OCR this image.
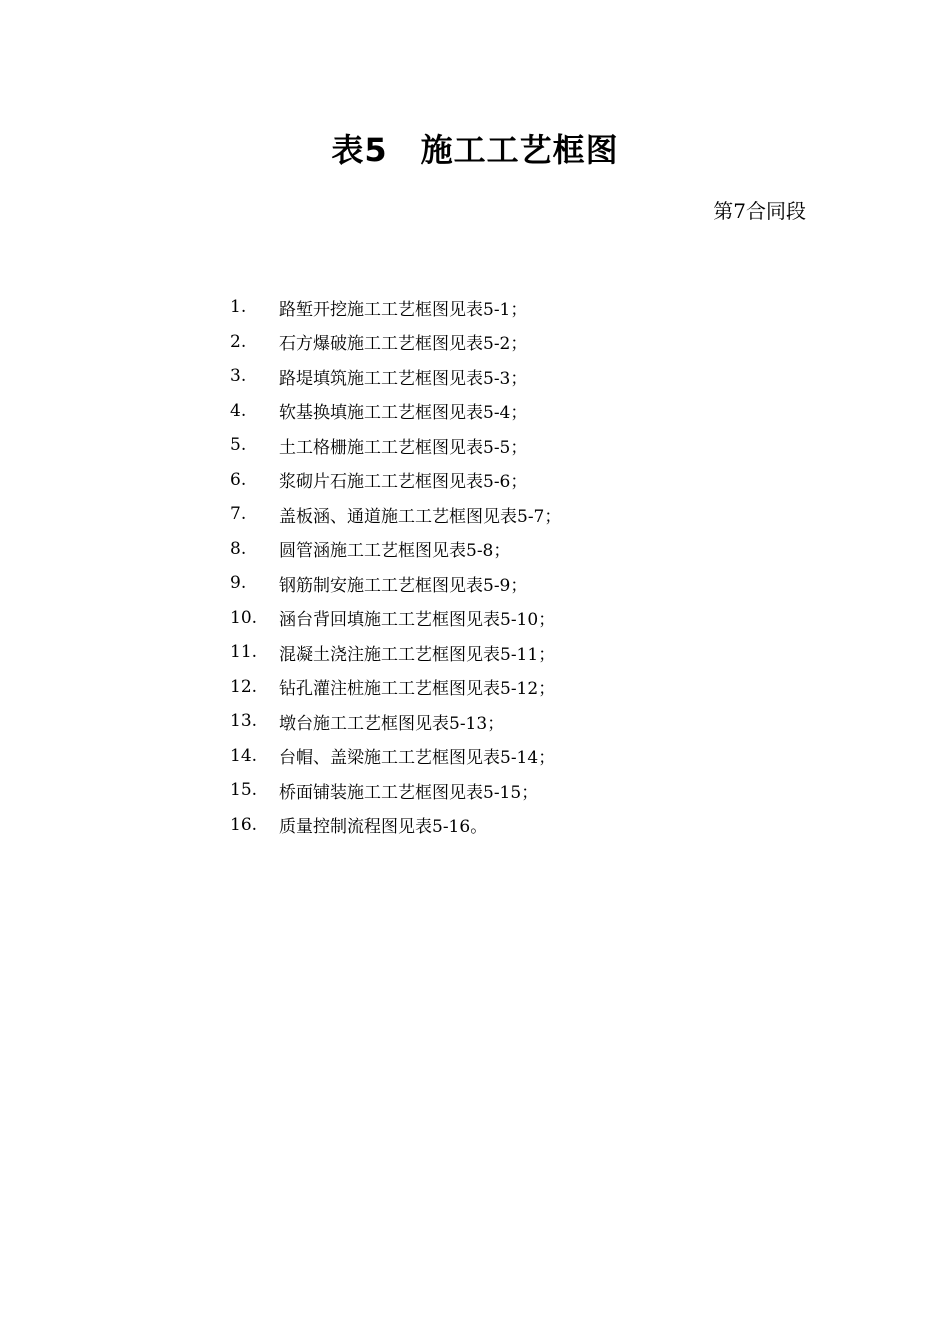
表5　施工工艺框图
第7合同段
1.	路堑开挖施工工艺框图见表5-1；
2.	石方爆破施工工艺框图见表5-2；
3.	路堤填筑施工工艺框图见表5-3；
4.	软基换填施工工艺框图见表5-4；
5.	土工格栅施工工艺框图见表5-5；
6.	浆砌片石施工工艺框图见表5-6；
7.	盖板涵、通道施工工艺框图见表5-7；
8.	圆管涵施工工艺框图见表5-8；
9.	钢筋制安施工工艺框图见表5-9；
10.	涵台背回填施工工艺框图见表5-10；
11.	混凝土浇注施工工艺框图见表5-11；
12.	钻孔灌注桩施工工艺框图见表5-12；
13.	墩台施工工艺框图见表5-13；
14.	台帽、盖梁施工工艺框图见表5-14；
15.	桥面铺装施工工艺框图见表5-15；
16.	质量控制流程图见表5-16。
